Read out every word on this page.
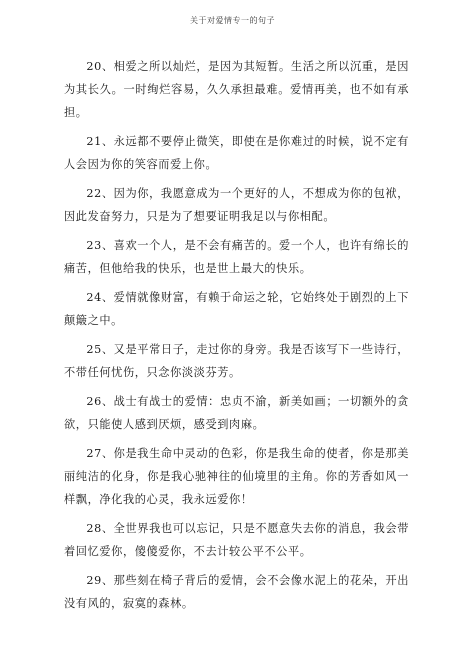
关于对爱情专一的句子

20、相爱之所以灿烂，是因为其短暂。生活之所以沉重，是因为其长久。一时绚烂容易，久久承担最难。爱情再美，也不如有承担。

21、永远都不要停止微笑，即使在是你难过的时候，说不定有人会因为你的笑容而爱上你。

22、因为你，我愿意成为一个更好的人，不想成为你的包袱，因此发奋努力，只是为了想要证明我足以与你相配。

23、喜欢一个人，是不会有痛苦的。爱一个人，也许有绵长的痛苦，但他给我的快乐，也是世上最大的快乐。

24、爱情就像财富，有赖于命运之轮，它始终处于剧烈的上下颠簸之中。

25、又是平常日子，走过你的身旁。我是否该写下一些诗行，不带任何忧伤，只念你淡淡芬芳。

26、战士有战士的爱情：忠贞不渝，新美如画；一切额外的贪欲，只能使人感到厌烦，感受到肉麻。

27、你是我生命中灵动的色彩，你是我生命的使者，你是那美丽纯洁的化身，你是我心驰神往的仙境里的主角。你的芳香如风一样飘，净化我的心灵，我永远爱你！

28、全世界我也可以忘记，只是不愿意失去你的消息，我会带着回忆爱你，傻傻爱你，不去计较公平不公平。

29、那些刻在椅子背后的爱情，会不会像水泥上的花朵，开出没有风的，寂寞的森林。
